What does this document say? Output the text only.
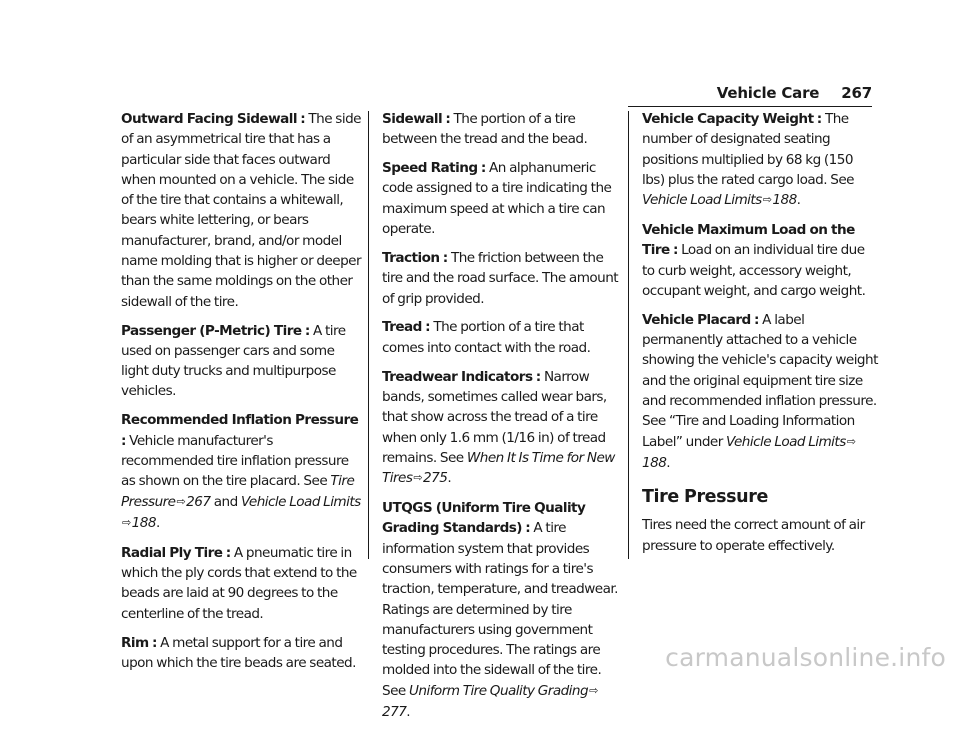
Vehicle Care 267

Outward Facing Sidewall : The side of an asymmetrical tire that has a particular side that faces outward when mounted on a vehicle. The side of the tire that contains a whitewall, bears white lettering, or bears manufacturer, brand, and/or model name molding that is higher or deeper than the same moldings on the other sidewall of the tire.

Passenger (P-Metric) Tire : A tire used on passenger cars and some light duty trucks and multipurpose vehicles.

Recommended Inflation Pressure : Vehicle manufacturer's recommended tire inflation pressure as shown on the tire placard. See Tire Pressure⇨267 and Vehicle Load Limits⇨188.

Radial Ply Tire : A pneumatic tire in which the ply cords that extend to the beads are laid at 90 degrees to the centerline of the tread.

Rim : A metal support for a tire and upon which the tire beads are seated.

Sidewall : The portion of a tire between the tread and the bead.

Speed Rating : An alphanumeric code assigned to a tire indicating the maximum speed at which a tire can operate.

Traction : The friction between the tire and the road surface. The amount of grip provided.

Tread : The portion of a tire that comes into contact with the road.

Treadwear Indicators : Narrow bands, sometimes called wear bars, that show across the tread of a tire when only 1.6 mm (1/16 in) of tread remains. See When It Is Time for New Tires⇨275.

UTQGS (Uniform Tire Quality Grading Standards) : A tire information system that provides consumers with ratings for a tire's traction, temperature, and treadwear. Ratings are determined by tire manufacturers using government testing procedures. The ratings are molded into the sidewall of the tire. See Uniform Tire Quality Grading⇨277.

Vehicle Capacity Weight : The number of designated seating positions multiplied by 68 kg (150 lbs) plus the rated cargo load. See Vehicle Load Limits⇨188.

Vehicle Maximum Load on the Tire : Load on an individual tire due to curb weight, accessory weight, occupant weight, and cargo weight.

Vehicle Placard : A label permanently attached to a vehicle showing the vehicle's capacity weight and the original equipment tire size and recommended inflation pressure. See “Tire and Loading Information Label” under Vehicle Load Limits⇨188.

Tire Pressure

Tires need the correct amount of air pressure to operate effectively.

carmanualsonline.info
